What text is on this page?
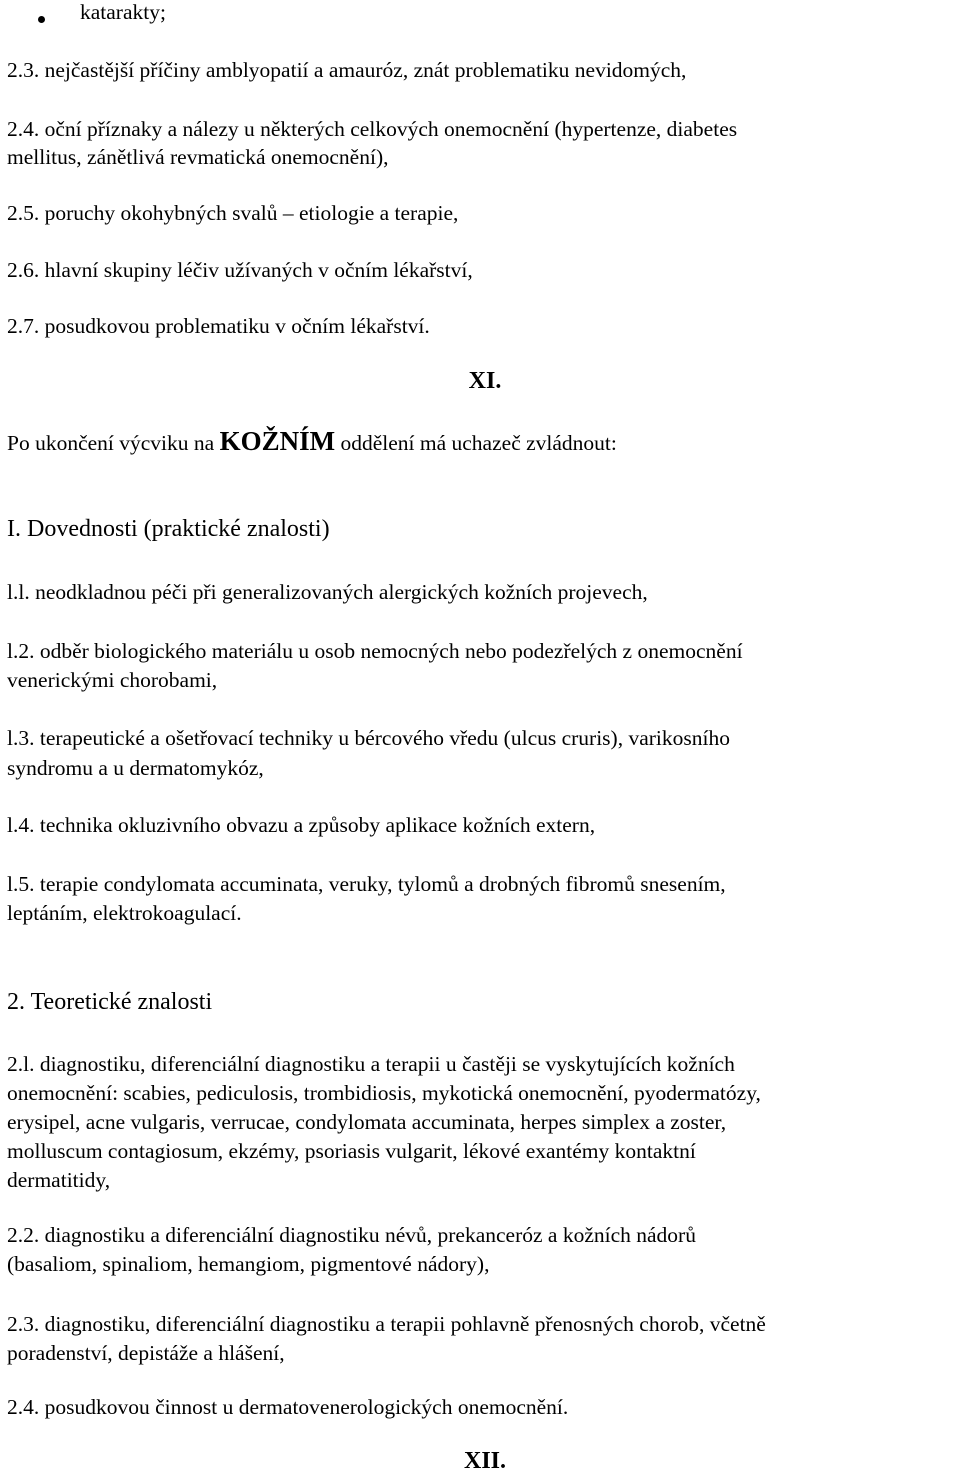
katarakty;

2.3. nejčastější příčiny amblyopatií a amauróz, znát problematiku nevidomých,

2.4. oční příznaky a nálezy u některých celkových onemocnění (hypertenze, diabetes

mellitus, zánětlivá revmatická onemocnění),

2.5. poruchy okohybných svalů – etiologie a terapie,

2.6. hlavní skupiny léčiv užívaných v očním lékařství,

2.7. posudkovou problematiku v očním lékařství.

XI.

Po ukončení výcviku na KOŽNÍM oddělení má uchazeč zvládnout:

I. Dovednosti (praktické znalosti)

l.l. neodkladnou péči při generalizovaných alergických kožních projevech,

l.2. odběr biologického materiálu u osob nemocných nebo podezřelých z onemocnění

venerickými chorobami,

l.3. terapeutické a ošetřovací techniky u bércového vředu (ulcus cruris), varikosního

syndromu a u dermatomykóz,

l.4. technika okluzivního obvazu a způsoby aplikace kožních extern,

l.5. terapie condylomata accuminata, veruky, tylomů a drobných fibromů snesením,

leptáním, elektrokoagulací.

2. Teoretické znalosti

2.l. diagnostiku, diferenciální diagnostiku a terapii u častěji se vyskytujících kožních

onemocnění: scabies, pediculosis, trombidiosis, mykotická onemocnění, pyodermatózy,

erysipel, acne vulgaris, verrucae, condylomata accuminata, herpes simplex a zoster,

molluscum contagiosum, ekzémy, psoriasis vulgarit, lékové exantémy kontaktní

dermatitidy,

2.2. diagnostiku a diferenciální diagnostiku névů, prekanceróz a kožních nádorů

(basaliom, spinaliom, hemangiom, pigmentové nádory),

2.3. diagnostiku, diferenciální diagnostiku a terapii pohlavně přenosných chorob, včetně

poradenství, depistáže a hlášení,

2.4. posudkovou činnost u dermatovenerologických onemocnění.

XII.
